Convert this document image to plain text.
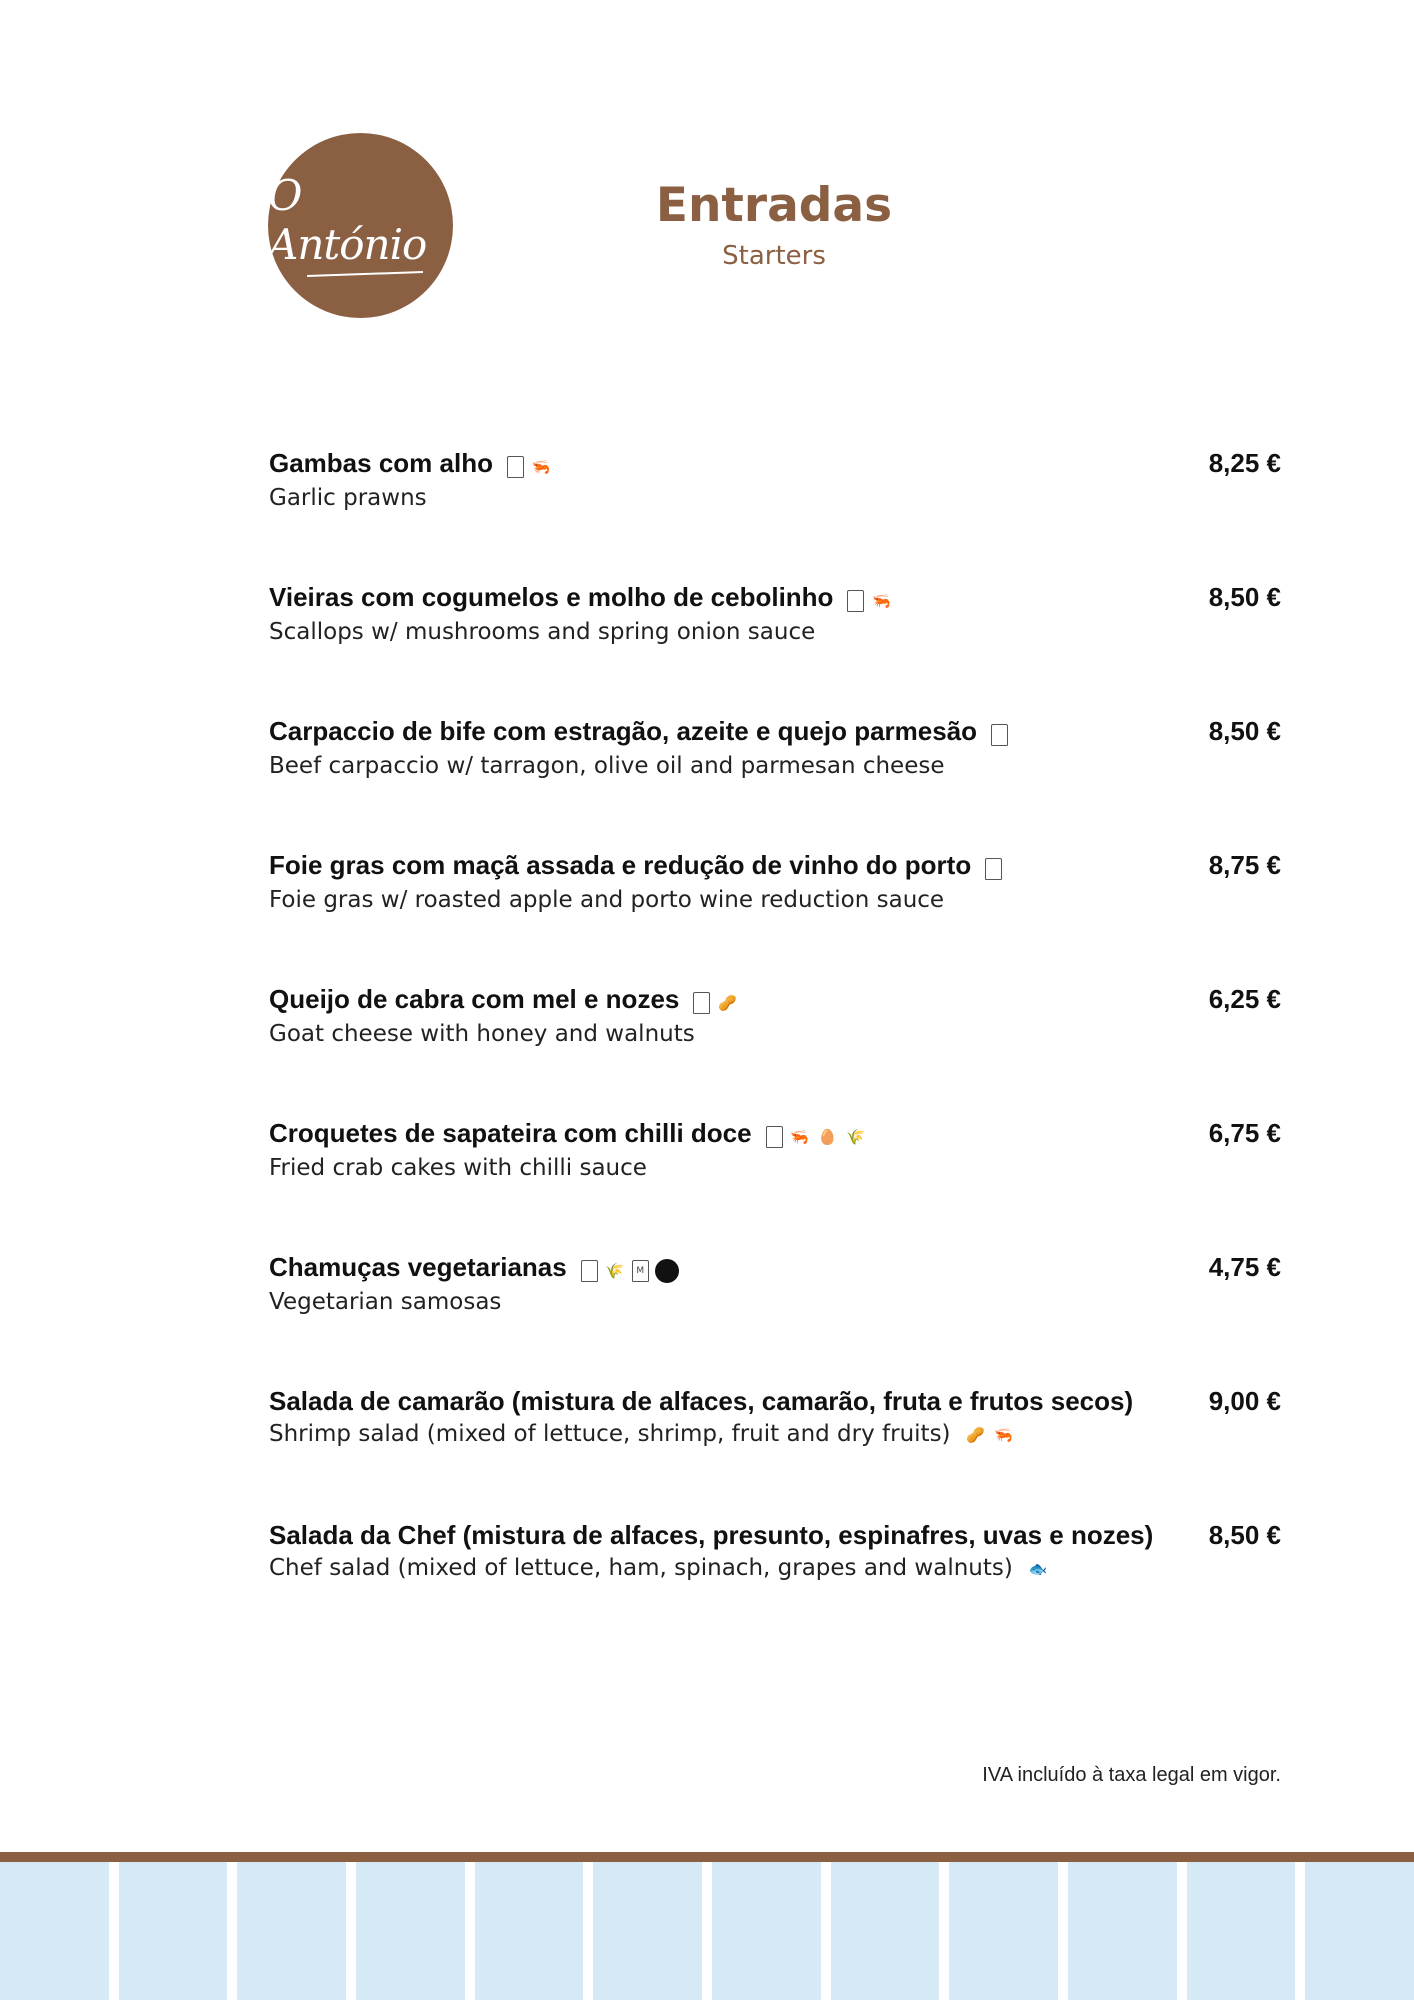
O António
Entradas
Starters
Gambas com alho	🦐
Garlic prawns
8,25 €
Vieiras com cogumelos e molho de cebolinho	🦐
Scallops w/ mushrooms and spring onion sauce
8,50 €
Carpaccio de bife com estragão, azeite e quejo parmesão
Beef carpaccio w/ tarragon, olive oil and parmesan cheese
8,50 €
Foie gras com maçã assada e redução de vinho do porto
Foie gras w/ roasted apple and porto wine reduction sauce
8,75 €
Queijo de cabra com mel e nozes	🥜
Goat cheese with honey and walnuts
6,25 €
Croquetes de sapateira com chilli doce	🦐 🥚 🌾
Fried crab cakes with chilli sauce
6,75 €
Chamuças vegetarianas	🌾 M
Vegetarian samosas
4,75 €
Salada de camarão (mistura de alfaces, camarão, fruta e frutos secos)
Shrimp salad (mixed of lettuce, shrimp, fruit and dry fruits) 🥜 🦐
9,00 €
Salada da Chef (mistura de alfaces, presunto, espinafres, uvas e nozes)
Chef salad (mixed of lettuce, ham, spinach, grapes and walnuts) 🐟
8,50 €
IVA incluído à taxa legal em vigor.
